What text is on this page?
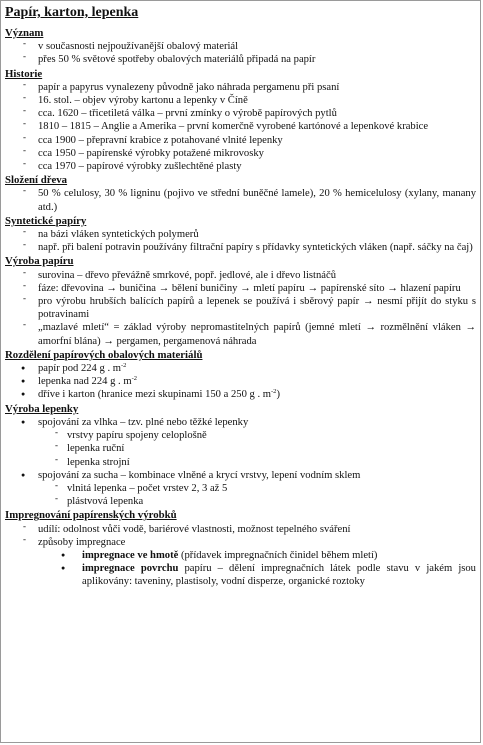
Papír, karton, lepenka
Význam
- v současnosti nejpoužívanější obalový materiál
- přes 50 % světové spotřeby obalových materiálů připadá na papír
Historie
- papír a papyrus vynalezeny původně jako náhrada pergamenu při psaní
- 16. stol. – objev výroby kartonu a lepenky v Číně
- cca. 1620 – třicetiletá válka – první zmínky o výrobě papírových pytlů
- 1810 – 1815 – Anglie a Amerika – první komerčně vyrobené kartónové a lepenkové krabice
- cca 1900 – přepravní krabice z potahované vlnité lepenky
- cca 1950 – papírenské výrobky potažené mikrovosky
- cca 1970 – papírové výrobky zušlechtěné plasty
Složení dřeva
- 50 % celulosy, 30 % ligninu (pojivo ve střední buněčné lamele), 20 % hemicelulosy (xylany, manany atd.)
Syntetické papíry
- na bázi vláken syntetických polymerů
- např. při balení potravin používány filtrační papíry s přídavky syntetických vláken (např. sáčky na čaj)
Výroba papíru
- surovina – dřevo převážně smrkové, popř. jedlové, ale i dřevo listnáčů
- fáze: dřevovina → buničina → bělení buničiny → mletí papíru → papírenské síto → hlazení papíru
- pro výrobu hrubších balících papírů a lepenek se používá i sběrový papír → nesmí přijít do styku s potravinami
- „mazlavé mletí“ = základ výroby nepromastitelných papírů (jemné mletí → rozmělnění vláken → amorfní blána) → pergamen, pergamenová náhrada
Rozdělení papírových obalových materiálů
● papír pod 224 g . $m^{-2}$
● lepenka nad 224 g . $m^{-2}$
● dříve i karton (hranice mezi skupinami 150 a 250 g . $m^{-2}$)
Výroba lepenky
● spojování za vlhka – tzv. plné nebo těžké lepenky
- vrstvy papíru spojeny celoplošně
- lepenka ruční
- lepenka strojní
● spojování za sucha – kombinace vlněné a krycí vrstvy, lepení vodním sklem
- vlnitá lepenka – počet vrstev 2, 3 až 5
- plástvová lepenka
Impregnování papírenských výrobků
- udílí: odolnost vůči vodě, bariérové vlastnosti, možnost tepelného sváření
- způsoby impregnace
● impregnace ve hmotě (přídavek impregnačních činidel během mletí)
● impregnace povrchu papíru – dělení impregnačních látek podle stavu v jakém jsou aplikovány: taveniny, plastisoly, vodní disperze, organické roztoky
